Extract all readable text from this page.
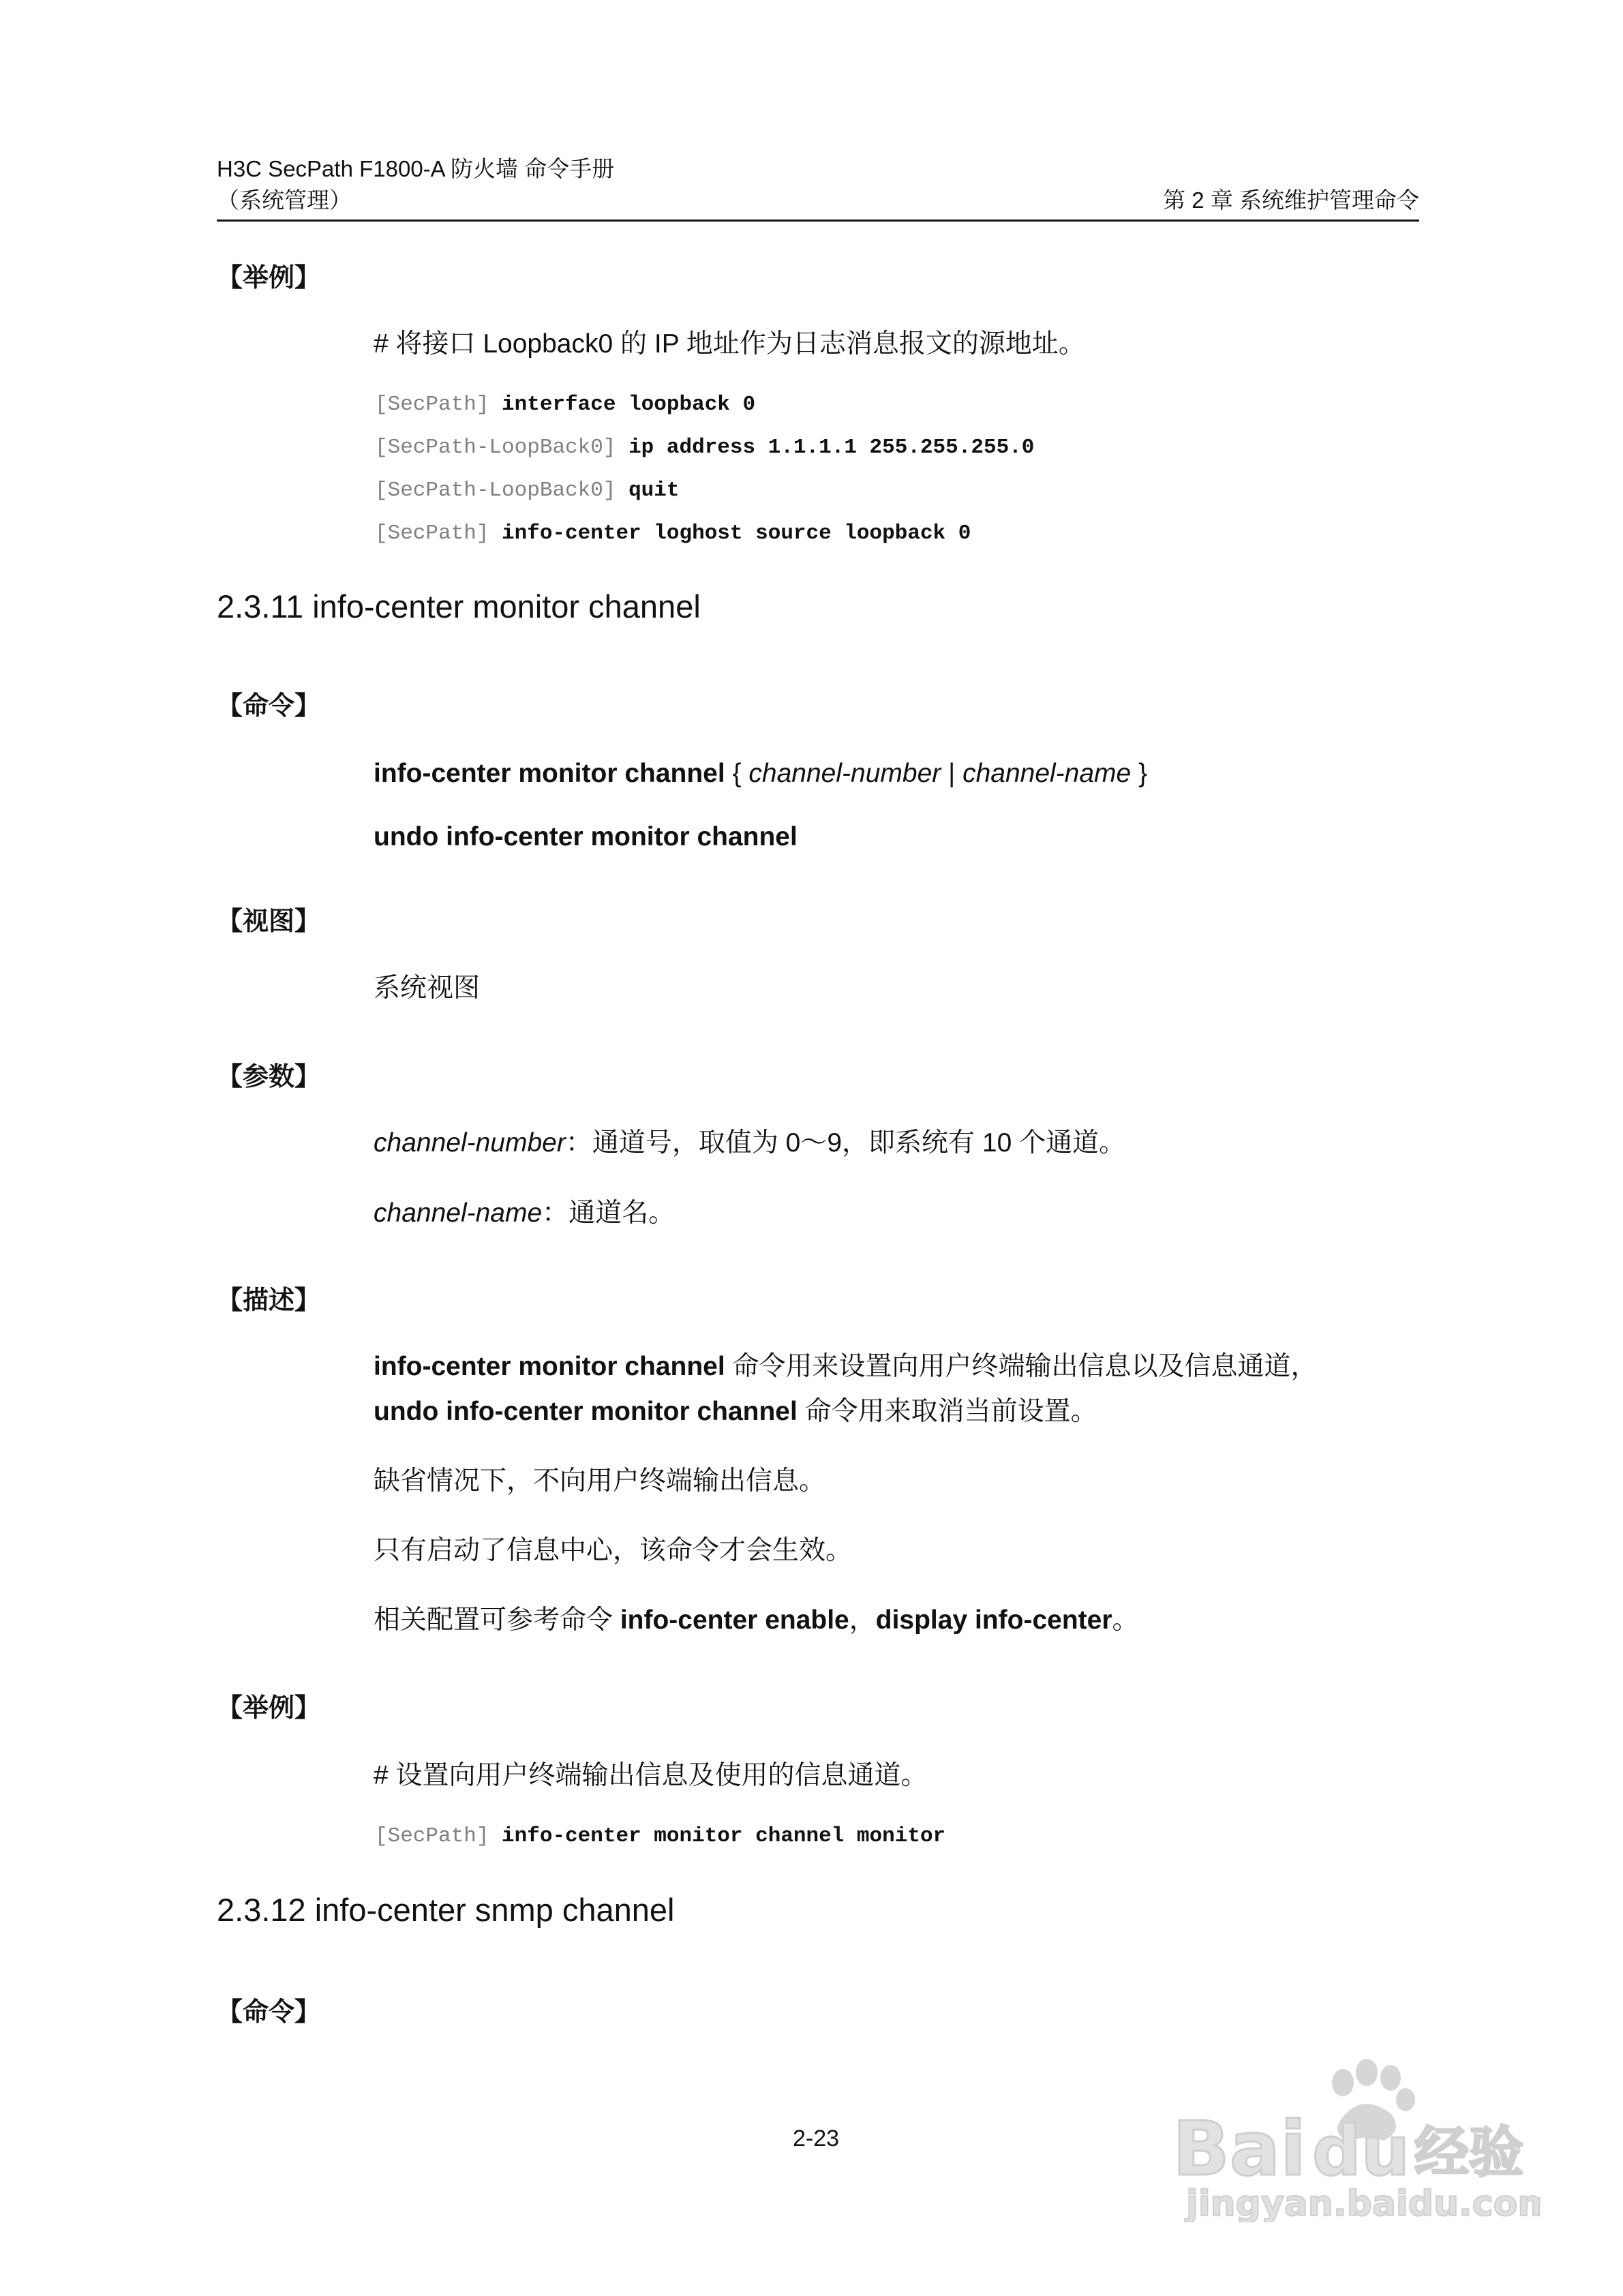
H3C SecPath F1800-A 防火墙 命令手册
（系统管理）	第 2 章 系统维护管理命令
【举例】
# 将接口 Loopback0 的 IP 地址作为日志消息报文的源地址。
[SecPath] interface loopback 0
[SecPath-LoopBack0] ip address 1.1.1.1 255.255.255.0
[SecPath-LoopBack0] quit
[SecPath] info-center loghost source loopback 0
2.3.11 info-center monitor channel
【命令】
info-center monitor channel { channel-number | channel-name }
undo info-center monitor channel
【视图】
系统视图
【参数】
channel-number：通道号，取值为 0～9，即系统有 10 个通道。
channel-name：通道名。
【描述】
info-center monitor channel 命令用来设置向用户终端输出信息以及信息通道，
undo info-center monitor channel 命令用来取消当前设置。
缺省情况下，不向用户终端输出信息。
只有启动了信息中心，该命令才会生效。
相关配置可参考命令 info-center enable，display info-center。
【举例】
# 设置向用户终端输出信息及使用的信息通道。
[SecPath] info-center monitor channel monitor
2.3.12 info-center snmp channel
【命令】
2-23	Bai du 经验
jingyan.baidu.com
